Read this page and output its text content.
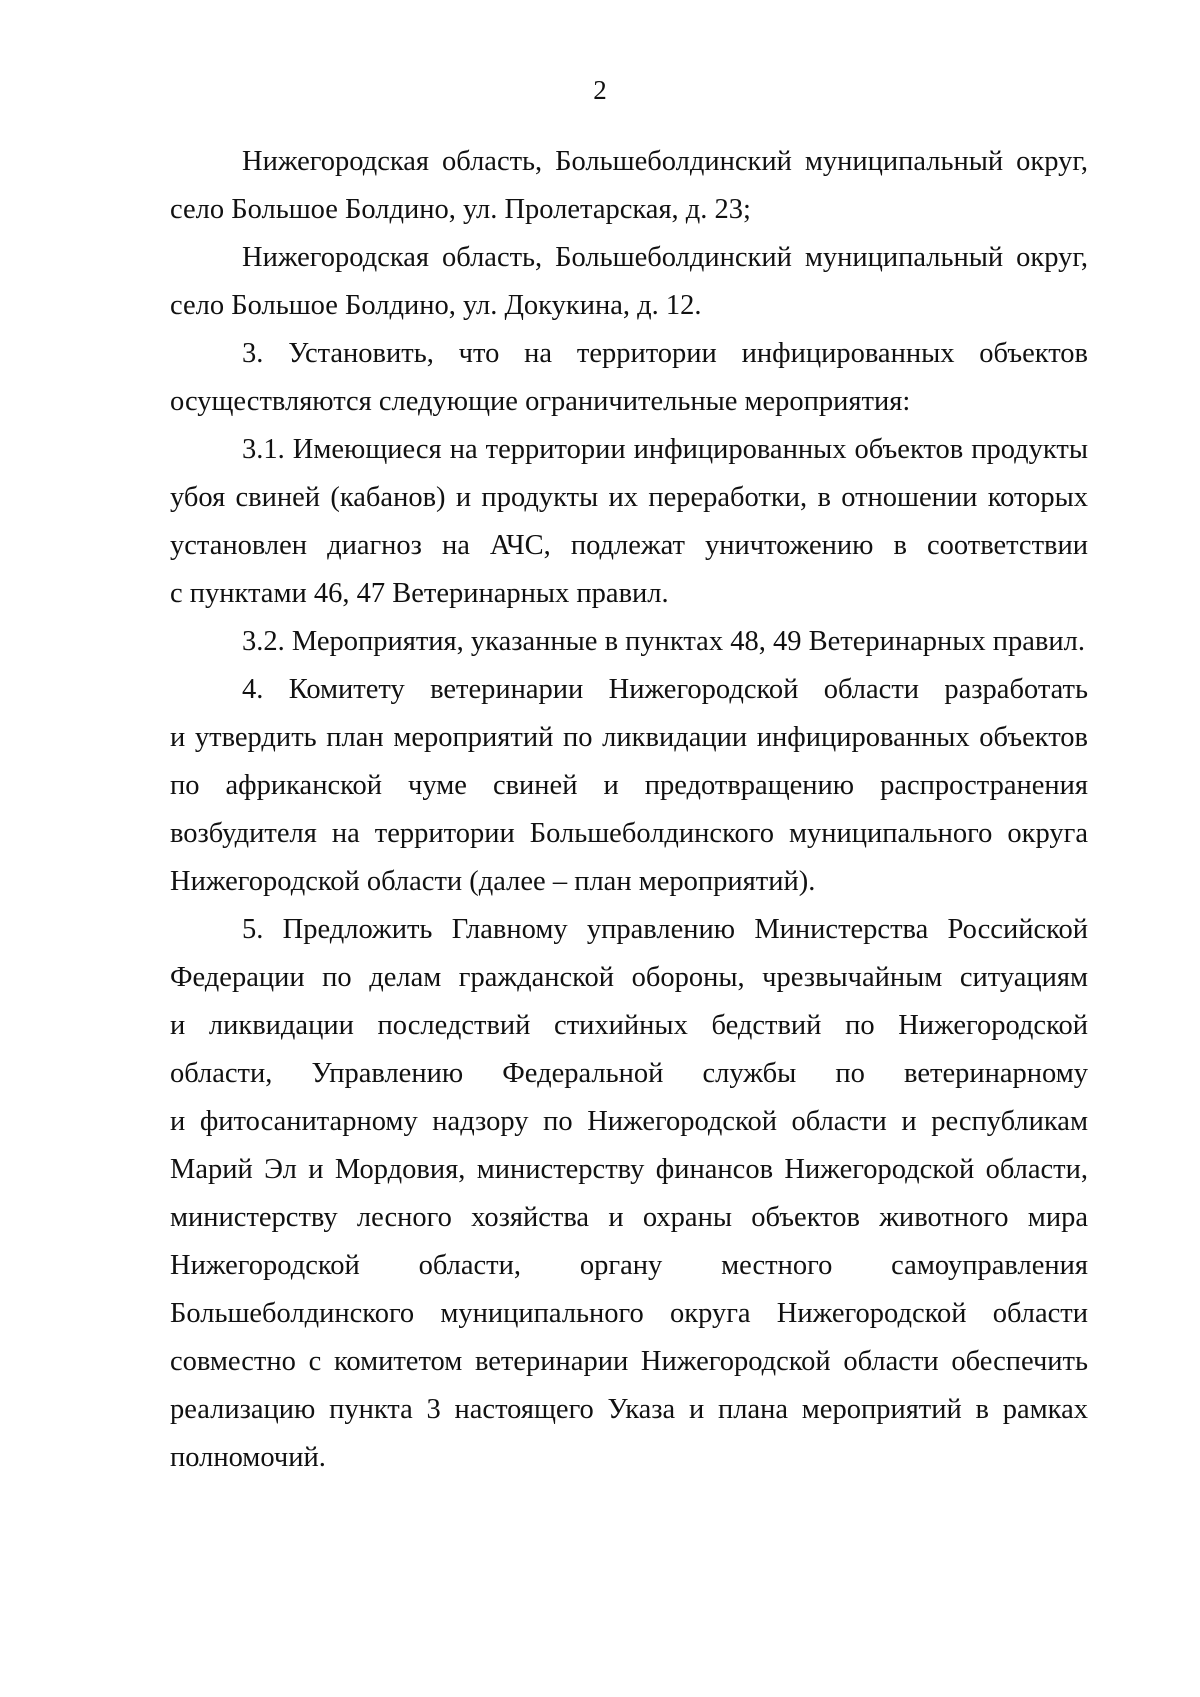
2
Нижегородская область, Большеболдинский муниципальный округ,
село Большое Болдино, ул. Пролетарская, д. 23;
Нижегородская область, Большеболдинский муниципальный округ,
село Большое Болдино, ул. Докукина, д. 12.
3. Установить, что на территории инфицированных объектов
осуществляются следующие ограничительные мероприятия:
3.1. Имеющиеся на территории инфицированных объектов продукты
убоя свиней (кабанов) и продукты их переработки, в отношении которых
установлен диагноз на АЧС, подлежат уничтожению в соответствии
с пунктами 46, 47 Ветеринарных правил.
3.2. Мероприятия, указанные в пунктах 48, 49 Ветеринарных правил.
4. Комитету ветеринарии Нижегородской области разработать
и утвердить план мероприятий по ликвидации инфицированных объектов
по африканской чуме свиней и предотвращению распространения
возбудителя на территории Большеболдинского муниципального округа
Нижегородской области (далее – план мероприятий).
5. Предложить Главному управлению Министерства Российской
Федерации по делам гражданской обороны, чрезвычайным ситуациям
и ликвидации последствий стихийных бедствий по Нижегородской
области, Управлению Федеральной службы по ветеринарному
и фитосанитарному надзору по Нижегородской области и республикам
Марий Эл и Мордовия, министерству финансов Нижегородской области,
министерству лесного хозяйства и охраны объектов животного мира
Нижегородской области, органу местного самоуправления
Большеболдинского муниципального округа Нижегородской области
совместно с комитетом ветеринарии Нижегородской области обеспечить
реализацию пункта 3 настоящего Указа и плана мероприятий в рамках
полномочий.
